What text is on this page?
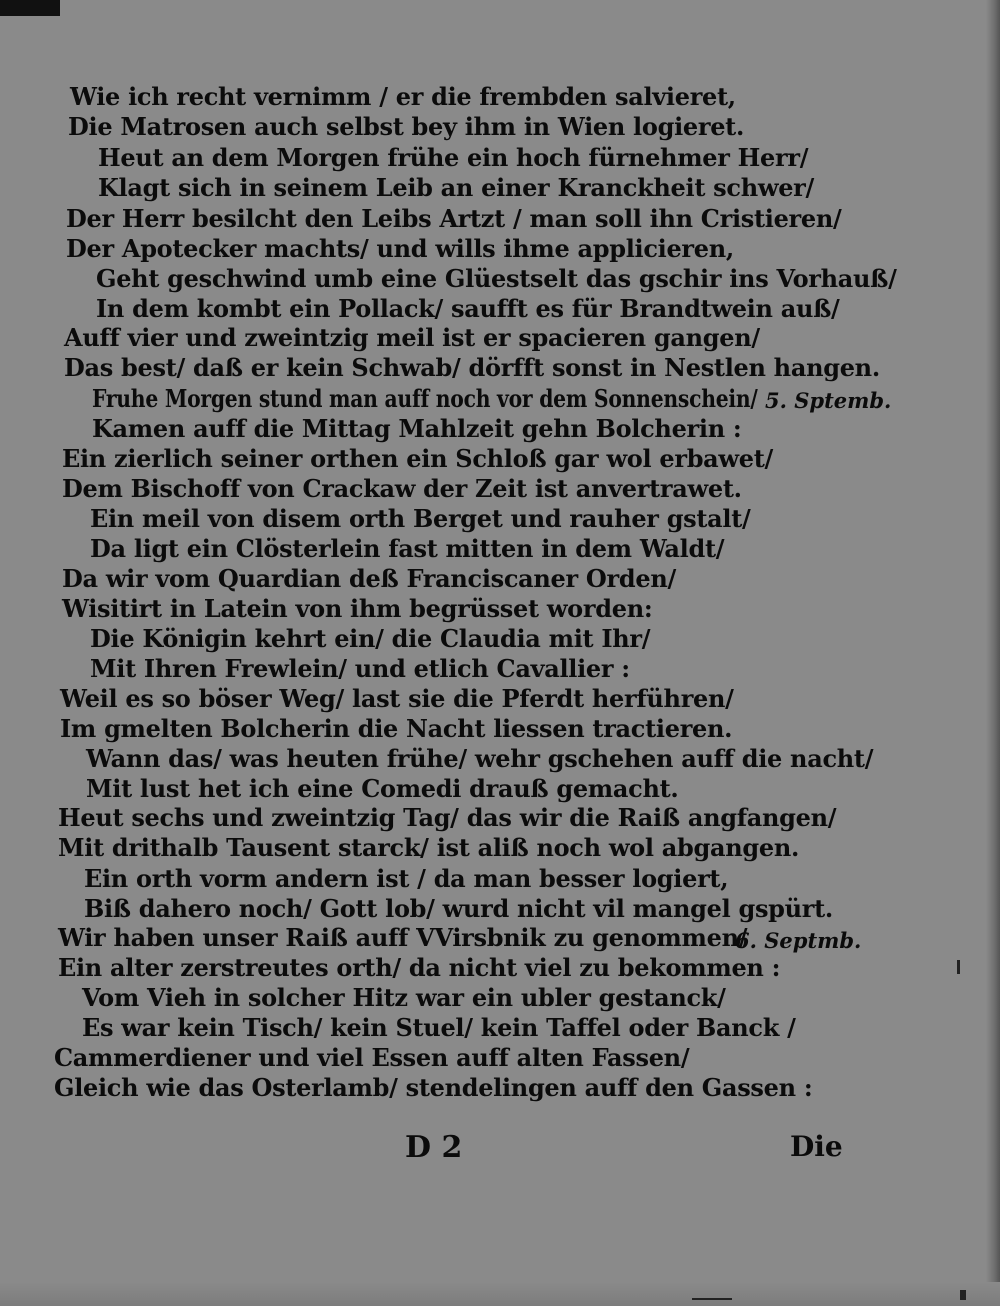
Wie ich recht vernimm / er die frembden salvieret,
Die Matrosen auch selbst bey ihm in Wien logieret.
Heut an dem Morgen frühe ein hoch fürnehmer Herr/
Klagt sich in seinem Leib an einer Kranckheit schwer/
Der Herr besilcht den Leibs Artzt / man soll ihn Cristieren/
Der Apotecker machts/ und wills ihme applicieren,
Geht geschwind umb eine Glüestselt das gschir ins Vorhauß/
In dem kombt ein Pollack/ saufft es für Brandtwein auß/
Auff vier und zweintzig meil ist er spacieren gangen/
Das best/ daß er kein Schwab/ dörfft sonst in Nestlen hangen.
Fruhe Morgen stund man auff noch vor dem Sonnenschein/
Kamen auff die Mittag Mahlzeit gehn Bolcherin :
Ein zierlich seiner orthen ein Schloß gar wol erbawet/
Dem Bischoff von Crackaw der Zeit ist anvertrawet.
Ein meil von disem orth Berget und rauher gstalt/
Da ligt ein Clösterlein fast mitten in dem Waldt/
Da wir vom Quardian deß Franciscaner Orden/
Wisitirt in Latein von ihm begrüsset worden:
Die Königin kehrt ein/ die Claudia mit Ihr/
Mit Ihren Frewlein/ und etlich Cavallier :
Weil es so böser Weg/ last sie die Pferdt herführen/
Im gmelten Bolcherin die Nacht liessen tractieren.
Wann das/ was heuten frühe/ wehr gschehen auff die nacht/
Mit lust het ich eine Comedi drauß gemacht.
Heut sechs und zweintzig Tag/ das wir die Raiß angfangen/
Mit drithalb Tausent starck/ ist aliß noch wol abgangen.
Ein orth vorm andern ist / da man besser logiert,
Biß dahero noch/ Gott lob/ wurd nicht vil mangel gspürt.
Wir haben unser Raiß auff VVirsbnik zu genommen/
Ein alter zerstreutes orth/ da nicht viel zu bekommen :
Vom Vieh in solcher Hitz war ein ubler gestanck/
Es war kein Tisch/ kein Stuel/ kein Taffel oder Banck /
Cammerdiener und viel Essen auff alten Fassen/
Gleich wie das Osterlamb/ stendelingen auff den Gassen :
5. Sptemb.
6. Septmb.
D 2	Die
